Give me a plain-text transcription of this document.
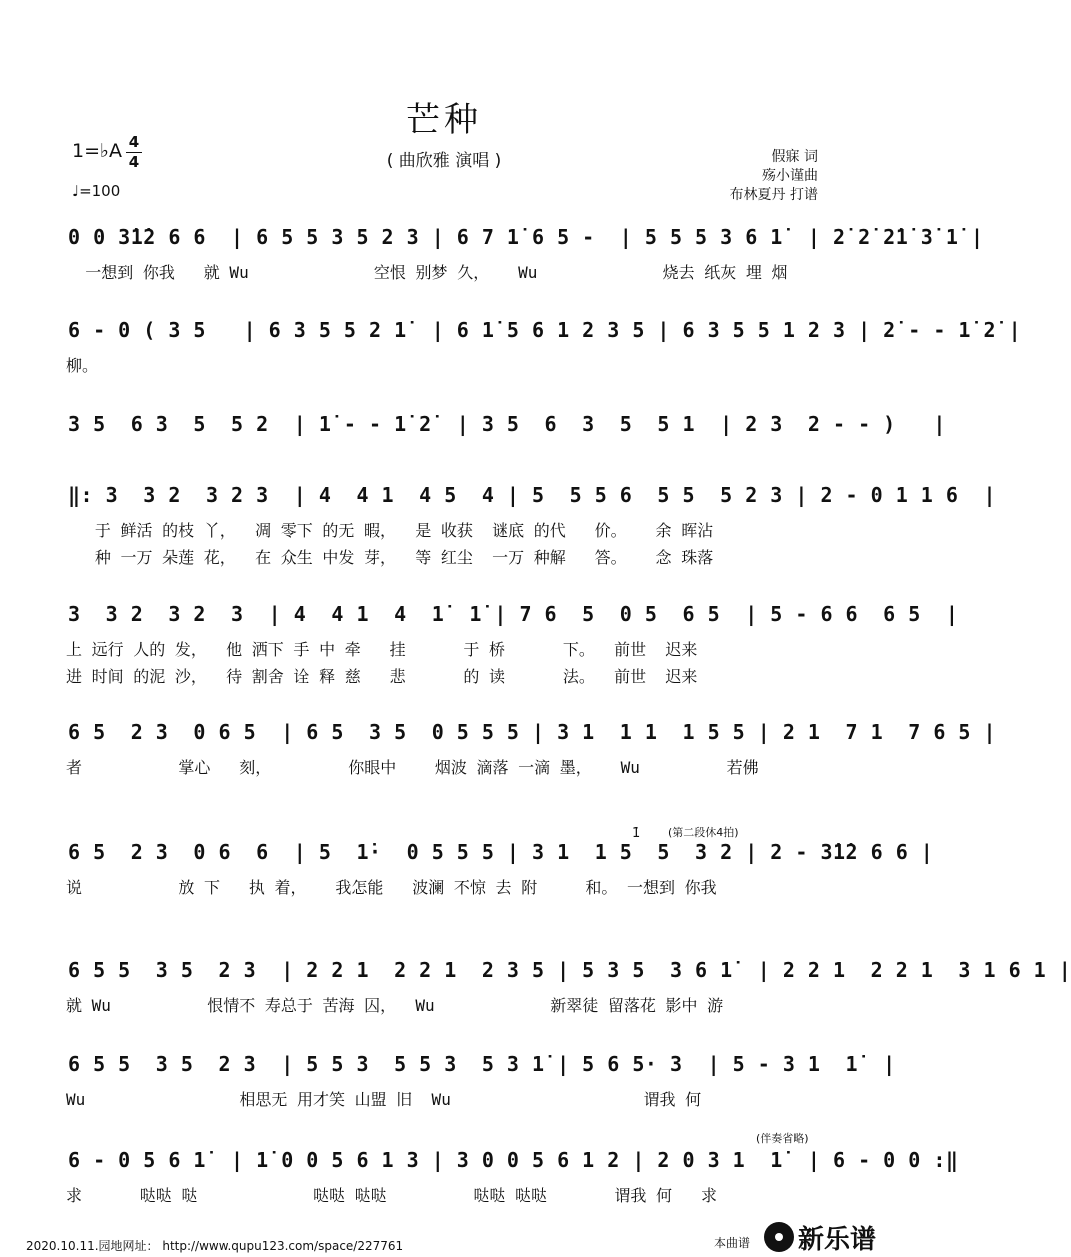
芒种
( 曲欣雅 演唱 )
1=♭A 4
4
♩=100
假寐 词
殇小谨曲
布林夏丹 打谱
0 0 3̇1̇2 6 6  | 6 5 5 3 5 2 3 | 6 7 1̇ 6 5 -  | 5 5 5 3 6 1̇  | 2̇ 2̇ 2̇1̇ 3̇ 1̇ |
一想到 你我   就 Wu             空恨 别梦 久，   Wu             烧去 纸灰 埋 烟
6 - 0 ( 3 5   | 6 3 5 5 2 1̇  | 6 1̇ 5 6 1 2 3 5 | 6 3 5 5 1 2 3 | 2̇ - - 1̇ 2̇ |
柳。
3 5  6 3  5  5 2  | 1̇ - - 1̇ 2̇  | 3 5  6  3  5  5 1  | 2 3  2 - - )   |
‖: 3  3 2  3 2 3  | 4  4 1  4 5  4 | 5  5 5 6  5 5  5 2 3 | 2 - 0 1 1 6  |
于 鲜活 的枝 丫，  凋 零下 的无 暇，  是 收获  谜底 的代   价。   余 晖沾
种 一万 朵莲 花，  在 众生 中发 芽，  等 红尘  一万 种解   答。   念 珠落
3  3 2  3 2  3  | 4  4 1  4  1̇  1̇ | 7 6  5  0 5  6 5  | 5 - 6 6  6 5  |
上 远行 人的 发，  他 洒下 手 中 牵   挂      于 桥      下。  前世  迟来
进 时间 的泥 沙，  待 割舍 诠 释 慈   悲      的 读      法。  前世  迟来
6 5  2 3  0 6 5  | 6 5  3 5  0 5 5 5 | 3 1  1 1  1 5 5 | 2 1  7 1  7 6 5 |
者          掌心   刻，        你眼中    烟波 滴落 一滴 墨，   Wu         若佛
6 5  2 3  0 6  6  | 5  1̇·  0 5 5 5 | 3 1  1 5  5  3 2 | 2 - 3̇1̇2 6 6 |
说          放 下   执 着，   我怎能   波澜 不惊 去 附     和。 一想到 你我
(第二段休4拍)
1̇
6 5 5  3 5  2 3  | 2 2 1  2 2 1  2 3 5 | 5 3 5  3 6 1̇  | 2 2 1  2 2 1  3 1 6 1 |
就 Wu          恨情不 寿总于 苦海 囚，  Wu            新翠徒 留落花 影中 游
6 5 5  3 5  2 3  | 5 5 3  5 5 3  5 3 1̇ | 5 6 5· 3  | 5 - 3 1  1̇  |
Wu                相思无 用才笑 山盟 旧  Wu                    谓我 何
6 - 0 5 6 1̇  | 1̇ 0 0 5 6 1 3 | 3 0 0 5 6 1 2 | 2 0 3 1  1̇  | 6 - 0 0 :‖
求      哒哒 哒            哒哒 哒哒         哒哒 哒哒       谓我 何   求
(伴奏省略)
2020.10.11.园地网址： http://www.qupu123.com/space/227761	本曲谱 新乐谱
